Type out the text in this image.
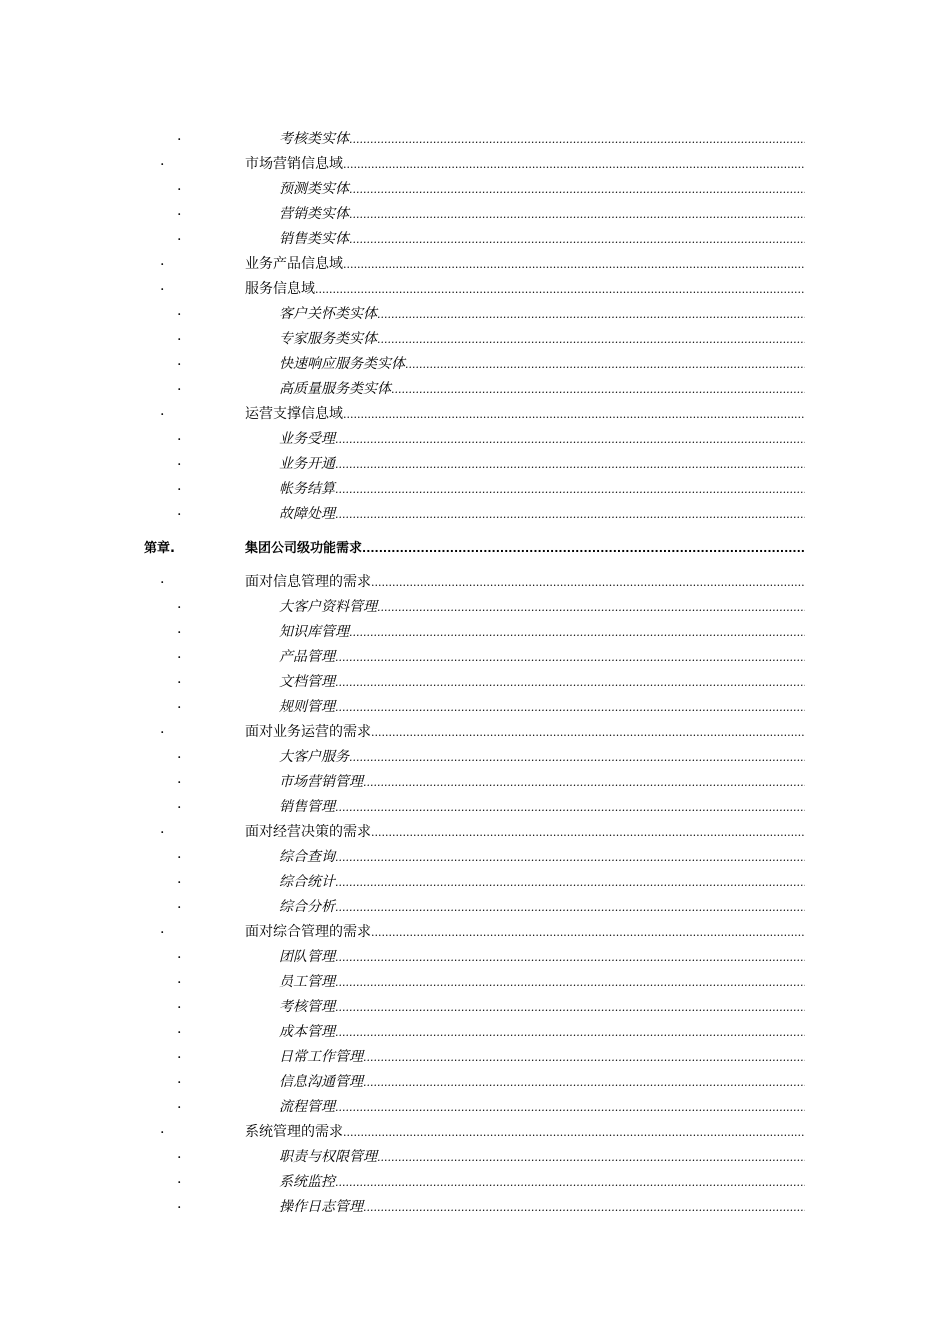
.	考核类实体
.....
.	市场营销信息域
.....
.	预测类实体
.....
.	营销类实体
.....
.	销售类实体
.....
.	业务产品信息域
.....
.	服务信息域
.....
.	客户关怀类实体
.....
.	专家服务类实体
.....
.	快速响应服务类实体
.....
.	高质量服务类实体
.....
.	运营支撑信息域
.....
.	业务受理
.....
.	业务开通
.....
.	帐务结算
.....
.	故障处理
.....
第章.	集团公司级功能需求
.....
.	面对信息管理的需求
.....
.	大客户资料管理
.....
.	知识库管理
.....
.	产品管理
.....
.	文档管理
.....
.	规则管理
.....
.	面对业务运营的需求
.....
.	大客户服务
.....
.	市场营销管理
.....
.	销售管理
.....
.	面对经营决策的需求
.....
.	综合查询
.....
.	综合统计
.....
.	综合分析
.....
.	面对综合管理的需求
.....
.	团队管理
.....
.	员工管理
.....
.	考核管理
.....
.	成本管理
.....
.	日常工作管理
.....
.	信息沟通管理
.....
.	流程管理
.....
.	系统管理的需求
.....
.	职责与权限管理
.....
.	系统监控
.....
.	操作日志管理
.....
